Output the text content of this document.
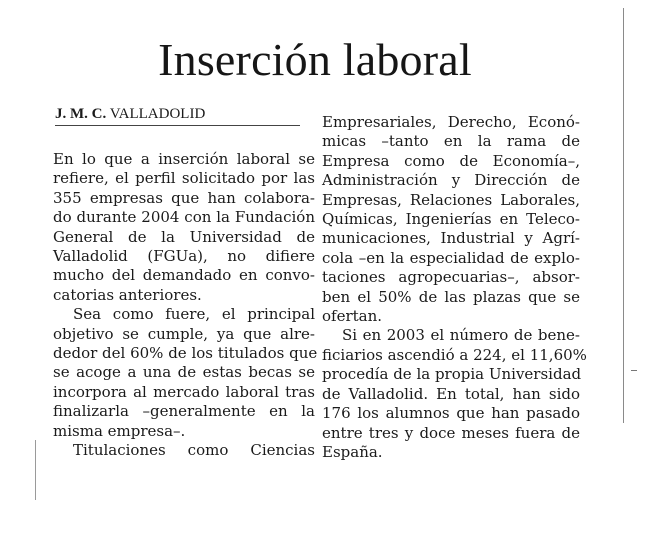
Inserción laboral
J. M. C. VALLADOLID
En lo que a inserción laboral se
refiere, el perfil solicitado por las
355 empresas que han colabora-
do durante 2004 con la Fundación
General de la Universidad de
Valladolid (FGUa), no difiere
mucho del demandado en convo-
catorias anteriores.
Sea como fuere, el principal
objetivo se cumple, ya que alre-
dedor del 60% de los titulados que
se acoge a una de estas becas se
incorpora al mercado laboral tras
finalizarla –generalmente en la
misma empresa–.
Titulaciones como Ciencias
Empresariales, Derecho, Econó-
micas –tanto en la rama de
Empresa como de Economía–,
Administración y Dirección de
Empresas, Relaciones Laborales,
Químicas, Ingenierías en Teleco-
municaciones, Industrial y Agrí-
cola –en la especialidad de explo-
taciones agropecuarias–, absor-
ben el 50% de las plazas que se
ofertan.
Si en 2003 el número de bene-
ficiarios ascendió a 224, el 11,60%
procedía de la propia Universidad
de Valladolid. En total, han sido
176 los alumnos que han pasado
entre tres y doce meses fuera de
España.
